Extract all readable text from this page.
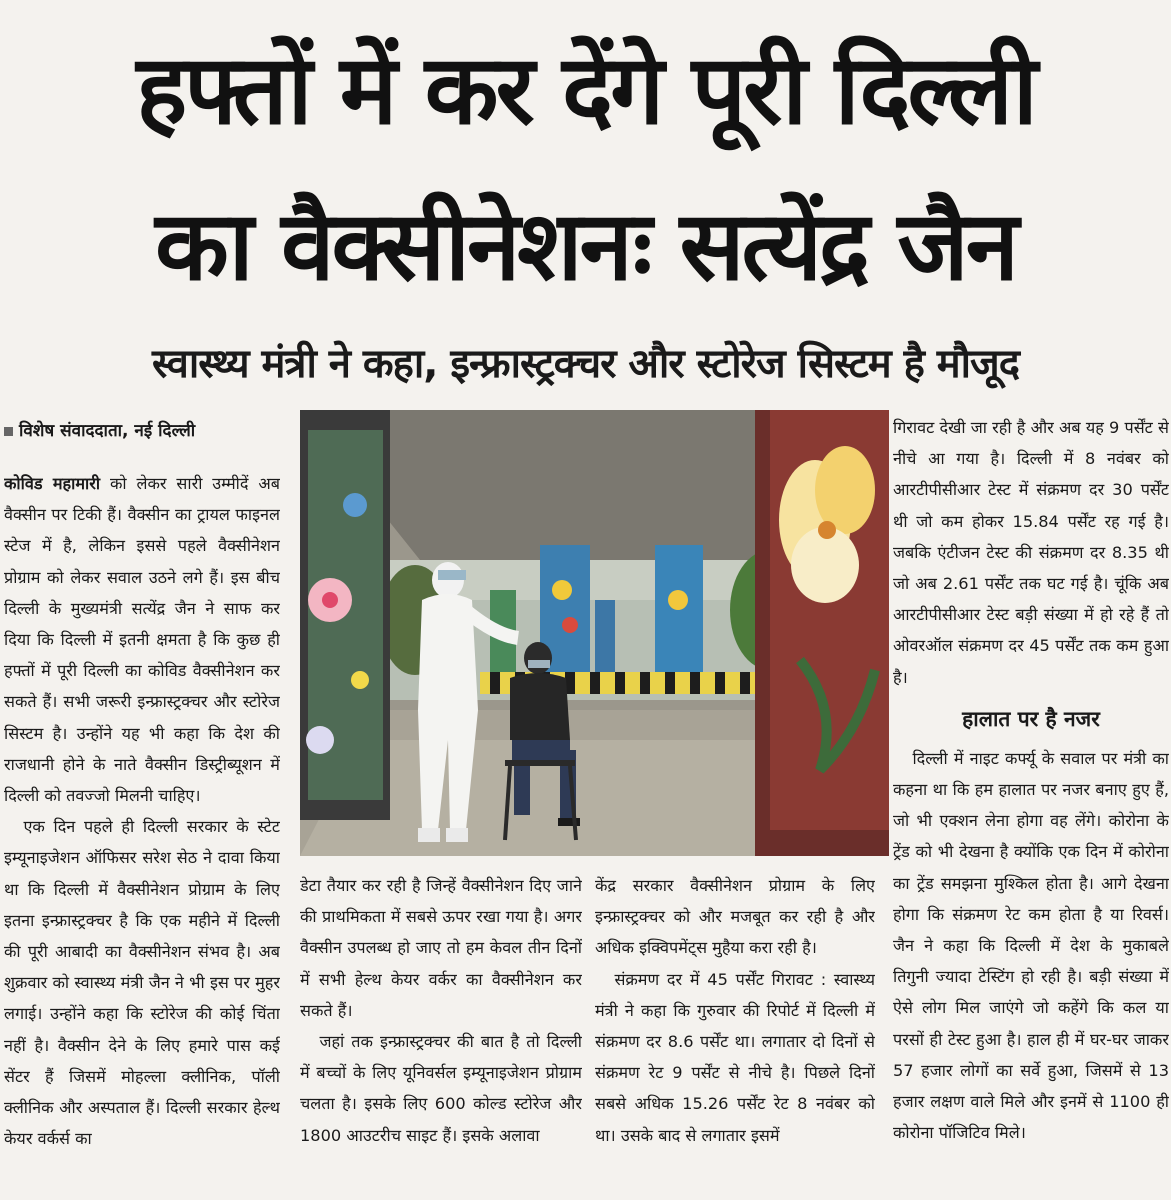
हफ्तों में कर देंगे पूरी दिल्ली
का वैक्सीनेशनः सत्येंद्र जैन
स्वास्थ्य मंत्री ने कहा, इन्फ्रास्ट्रक्चर और स्टोरेज सिस्टम है मौजूद
विशेष संवाददाता, नई दिल्ली

कोविड महामारी को लेकर सारी उम्मीदें अब वैक्सीन पर टिकी हैं। वैक्सीन का ट्रायल फाइनल स्टेज में है, लेकिन इससे पहले वैक्सीनेशन प्रोग्राम को लेकर सवाल उठने लगे हैं। इस बीच दिल्ली के मुख्यमंत्री सत्येंद्र जैन ने साफ कर दिया कि दिल्ली में इतनी क्षमता है कि कुछ ही हफ्तों में पूरी दिल्ली का कोविड वैक्सीनेशन कर सकते हैं। सभी जरूरी इन्फ्रास्ट्रक्चर और स्टोरेज सिस्टम है। उन्होंने यह भी कहा कि देश की राजधानी होने के नाते वैक्सीन डिस्ट्रीब्यूशन में दिल्ली को तवज्जो मिलनी चाहिए।

एक दिन पहले ही दिल्ली सरकार के स्टेट इम्यूनाइजेशन ऑफिसर सरेश सेठ ने दावा किया था कि दिल्ली में वैक्सीनेशन प्रोग्राम के लिए इतना इन्फ्रास्ट्रक्चर है कि एक महीने में दिल्ली की पूरी आबादी का वैक्सीनेशन संभव है। अब शुक्रवार को स्वास्थ्य मंत्री जैन ने भी इस पर मुहर लगाई। उन्होंने कहा कि स्टोरेज की कोई चिंता नहीं है। वैक्सीन देने के लिए हमारे पास कई सेंटर हैं जिसमें मोहल्ला क्लीनिक, पॉली क्लीनिक और अस्पताल हैं। दिल्ली सरकार हेल्थ केयर वर्कर्स का

डेटा तैयार कर रही है जिन्हें वैक्सीनेशन दिए जाने की प्राथमिकता में सबसे ऊपर रखा गया है। अगर वैक्सीन उपलब्ध हो जाए तो हम केवल तीन दिनों में सभी हेल्थ केयर वर्कर का वैक्सीनेशन कर सकते हैं।

जहां तक इन्फ्रास्ट्रक्चर की बात है तो दिल्ली में बच्चों के लिए यूनिवर्सल इम्यूनाइजेशन प्रोग्राम चलता है। इसके लिए 600 कोल्ड स्टोरेज और 1800 आउटरीच साइट हैं। इसके अलावा

केंद्र सरकार वैक्सीनेशन प्रोग्राम के लिए इन्फ्रास्ट्रक्चर को और मजबूत कर रही है और अधिक इक्विपमेंट्स मुहैया करा रही है।

संक्रमण दर में 45 पर्सेंट गिरावट : स्वास्थ्य मंत्री ने कहा कि गुरुवार की रिपोर्ट में दिल्ली में संक्रमण दर 8.6 पर्सेंट था। लगातार दो दिनों से संक्रमण रेट 9 पर्सेंट से नीचे है। पिछले दिनों सबसे अधिक 15.26 पर्सेंट रेट 8 नवंबर को था। उसके बाद से लगातार इसमें

गिरावट देखी जा रही है और अब यह 9 पर्सेंट से नीचे आ गया है। दिल्ली में 8 नवंबर को आरटीपीसीआर टेस्ट में संक्रमण दर 30 पर्सेंट थी जो कम होकर 15.84 पर्सेंट रह गई है। जबकि एंटीजन टेस्ट की संक्रमण दर 8.35 थी जो अब 2.61 पर्सेंट तक घट गई है। चूंकि अब आरटीपीसीआर टेस्ट बड़ी संख्या में हो रहे हैं तो ओवरऑल संक्रमण दर 45 पर्सेंट तक कम हुआ है।

हालात पर है नजर

दिल्ली में नाइट कर्फ्यू के सवाल पर मंत्री का कहना था कि हम हालात पर नजर बनाए हुए हैं, जो भी एक्शन लेना होगा वह लेंगे। कोरोना के ट्रेंड को भी देखना है क्योंकि एक दिन में कोरोना का ट्रेंड समझना मुश्किल होता है। आगे देखना होगा कि संक्रमण रेट कम होता है या रिवर्स। जैन ने कहा कि दिल्ली में देश के मुकाबले तिगुनी ज्यादा टेस्टिंग हो रही है। बड़ी संख्या में ऐसे लोग मिल जाएंगे जो कहेंगे कि कल या परसों ही टेस्ट हुआ है। हाल ही में घर-घर जाकर 57 हजार लोगों का सर्वे हुआ, जिसमें से 13 हजार लक्षण वाले मिले और इनमें से 1100 ही कोरोना पॉजिटिव मिले।
